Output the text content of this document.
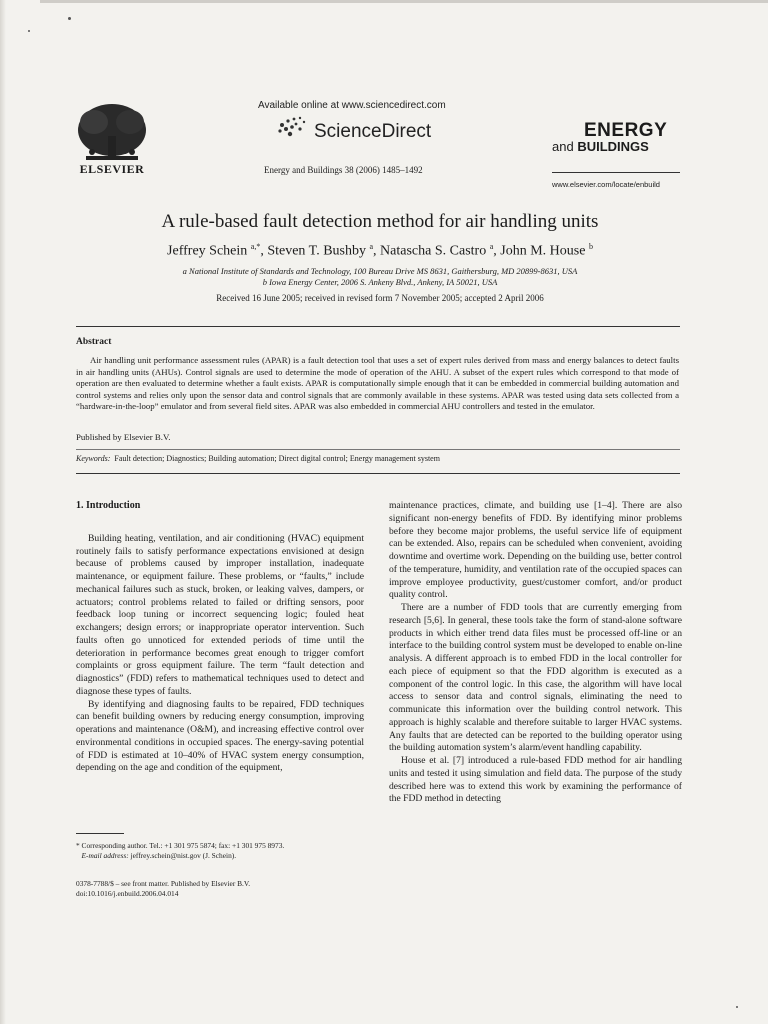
ELSEVIER
Available online at www.sciencedirect.com
ScienceDirect
Energy and Buildings 38 (2006) 1485–1492
ENERGY
and BUILDINGS
www.elsevier.com/locate/enbuild
A rule-based fault detection method for air handling units
Jeffrey Schein $^{a,*}$, Steven T. Bushby $^a$, Natascha S. Castro $^a$, John M. House $^b$
a National Institute of Standards and Technology, 100 Bureau Drive MS 8631, Gaithersburg, MD 20899-8631, USA
b Iowa Energy Center, 2006 S. Ankeny Blvd., Ankeny, IA 50021, USA
Received 16 June 2005; received in revised form 7 November 2005; accepted 2 April 2006
Abstract
Air handling unit performance assessment rules (APAR) is a fault detection tool that uses a set of expert rules derived from mass and energy balances to detect faults in air handling units (AHUs). Control signals are used to determine the mode of operation of the AHU. A subset of the expert rules which correspond to that mode of operation are then evaluated to determine whether a fault exists. APAR is computationally simple enough that it can be embedded in commercial building automation and control systems and relies only upon the sensor data and control signals that are commonly available in these systems. APAR was tested using data sets collected from a “hardware-in-the-loop” emulator and from several field sites. APAR was also embedded in commercial AHU controllers and tested in the emulator.
Published by Elsevier B.V.
Keywords: Fault detection; Diagnostics; Building automation; Direct digital control; Energy management system

1. Introduction

Building heating, ventilation, and air conditioning (HVAC) equipment routinely fails to satisfy performance expectations envisioned at design because of problems caused by improper installation, inadequate maintenance, or equipment failure. These problems, or “faults,” include mechanical failures such as stuck, broken, or leaking valves, dampers, or actuators; control problems related to failed or drifting sensors, poor feedback loop tuning or incorrect sequencing logic; fouled heat exchangers; design errors; or inappropriate operator intervention. Such faults often go unnoticed for extended periods of time until the deterioration in performance becomes great enough to trigger comfort complaints or gross equipment failure. The term “fault detection and diagnostics” (FDD) refers to mathematical techniques used to detect and diagnose these types of faults.

By identifying and diagnosing faults to be repaired, FDD techniques can benefit building owners by reducing energy consumption, improving operations and maintenance (O&M), and increasing effective control over environmental conditions in occupied spaces. The energy-saving potential of FDD is estimated at 10–40% of HVAC system energy consumption, depending on the age and condition of the equipment,

maintenance practices, climate, and building use [1–4]. There are also significant non-energy benefits of FDD. By identifying minor problems before they become major problems, the useful service life of equipment can be extended. Also, repairs can be scheduled when convenient, avoiding downtime and overtime work. Depending on the building use, better control of the temperature, humidity, and ventilation rate of the occupied spaces can improve employee productivity, guest/customer comfort, and/or product quality control.

There are a number of FDD tools that are currently emerging from research [5,6]. In general, these tools take the form of stand-alone software products in which either trend data files must be processed off-line or an interface to the building control system must be developed to enable on-line analysis. A different approach is to embed FDD in the local controller for each piece of equipment so that the FDD algorithm is executed as a component of the control logic. In this case, the algorithm will have local access to sensor data and control signals, eliminating the need to communicate this information over the building control network. This approach is highly scalable and therefore suitable to larger HVAC systems. Any faults that are detected can be reported to the building operator using the building automation system’s alarm/event handling capability.

House et al. [7] introduced a rule-based FDD method for air handling units and tested it using simulation and field data. The purpose of the study described here was to extend this work by examining the performance of the FDD method in detecting

* Corresponding author. Tel.: +1 301 975 5874; fax: +1 301 975 8973.

E-mail address: jeffrey.schein@nist.gov (J. Schein).

0378-7788/$ – see front matter. Published by Elsevier B.V.

doi:10.1016/j.enbuild.2006.04.014
